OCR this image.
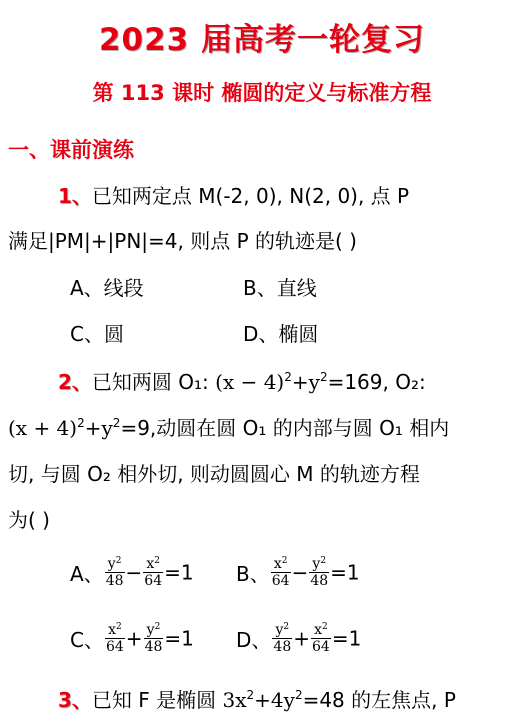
2023 届高考一轮复习
第 113 课时 椭圆的定义与标准方程
一、课前演练
1、已知两定点 M(-2, 0), N(2, 0), 点 P
满足|PM|+|PN|=4, 则点 P 的轨迹是( )
A、线段	B、直线
C、圆	D、椭圆
2、已知两圆 O₁: $(x - 4)^2+y^2=169$, O₂:
$(x + 4)^2+y^2=9$,动圆在圆 O₁ 的内部与圆 O₁ 相内
切, 与圆 O₂ 相外切, 则动圆圆心 M 的轨迹方程
为( )
A、 $\frac{y^2}{48} - \frac{x^2}{64} =1$ B、 $\frac{x^2}{64} - \frac{y^2}{48} =1$
C、 $\frac{x^2}{64} + \frac{y^2}{48} =1$ D、 $\frac{y^2}{48} + \frac{x^2}{64} =1$
3、已知 F 是椭圆 $3x^2+4y^2=48$ 的左焦点, P
